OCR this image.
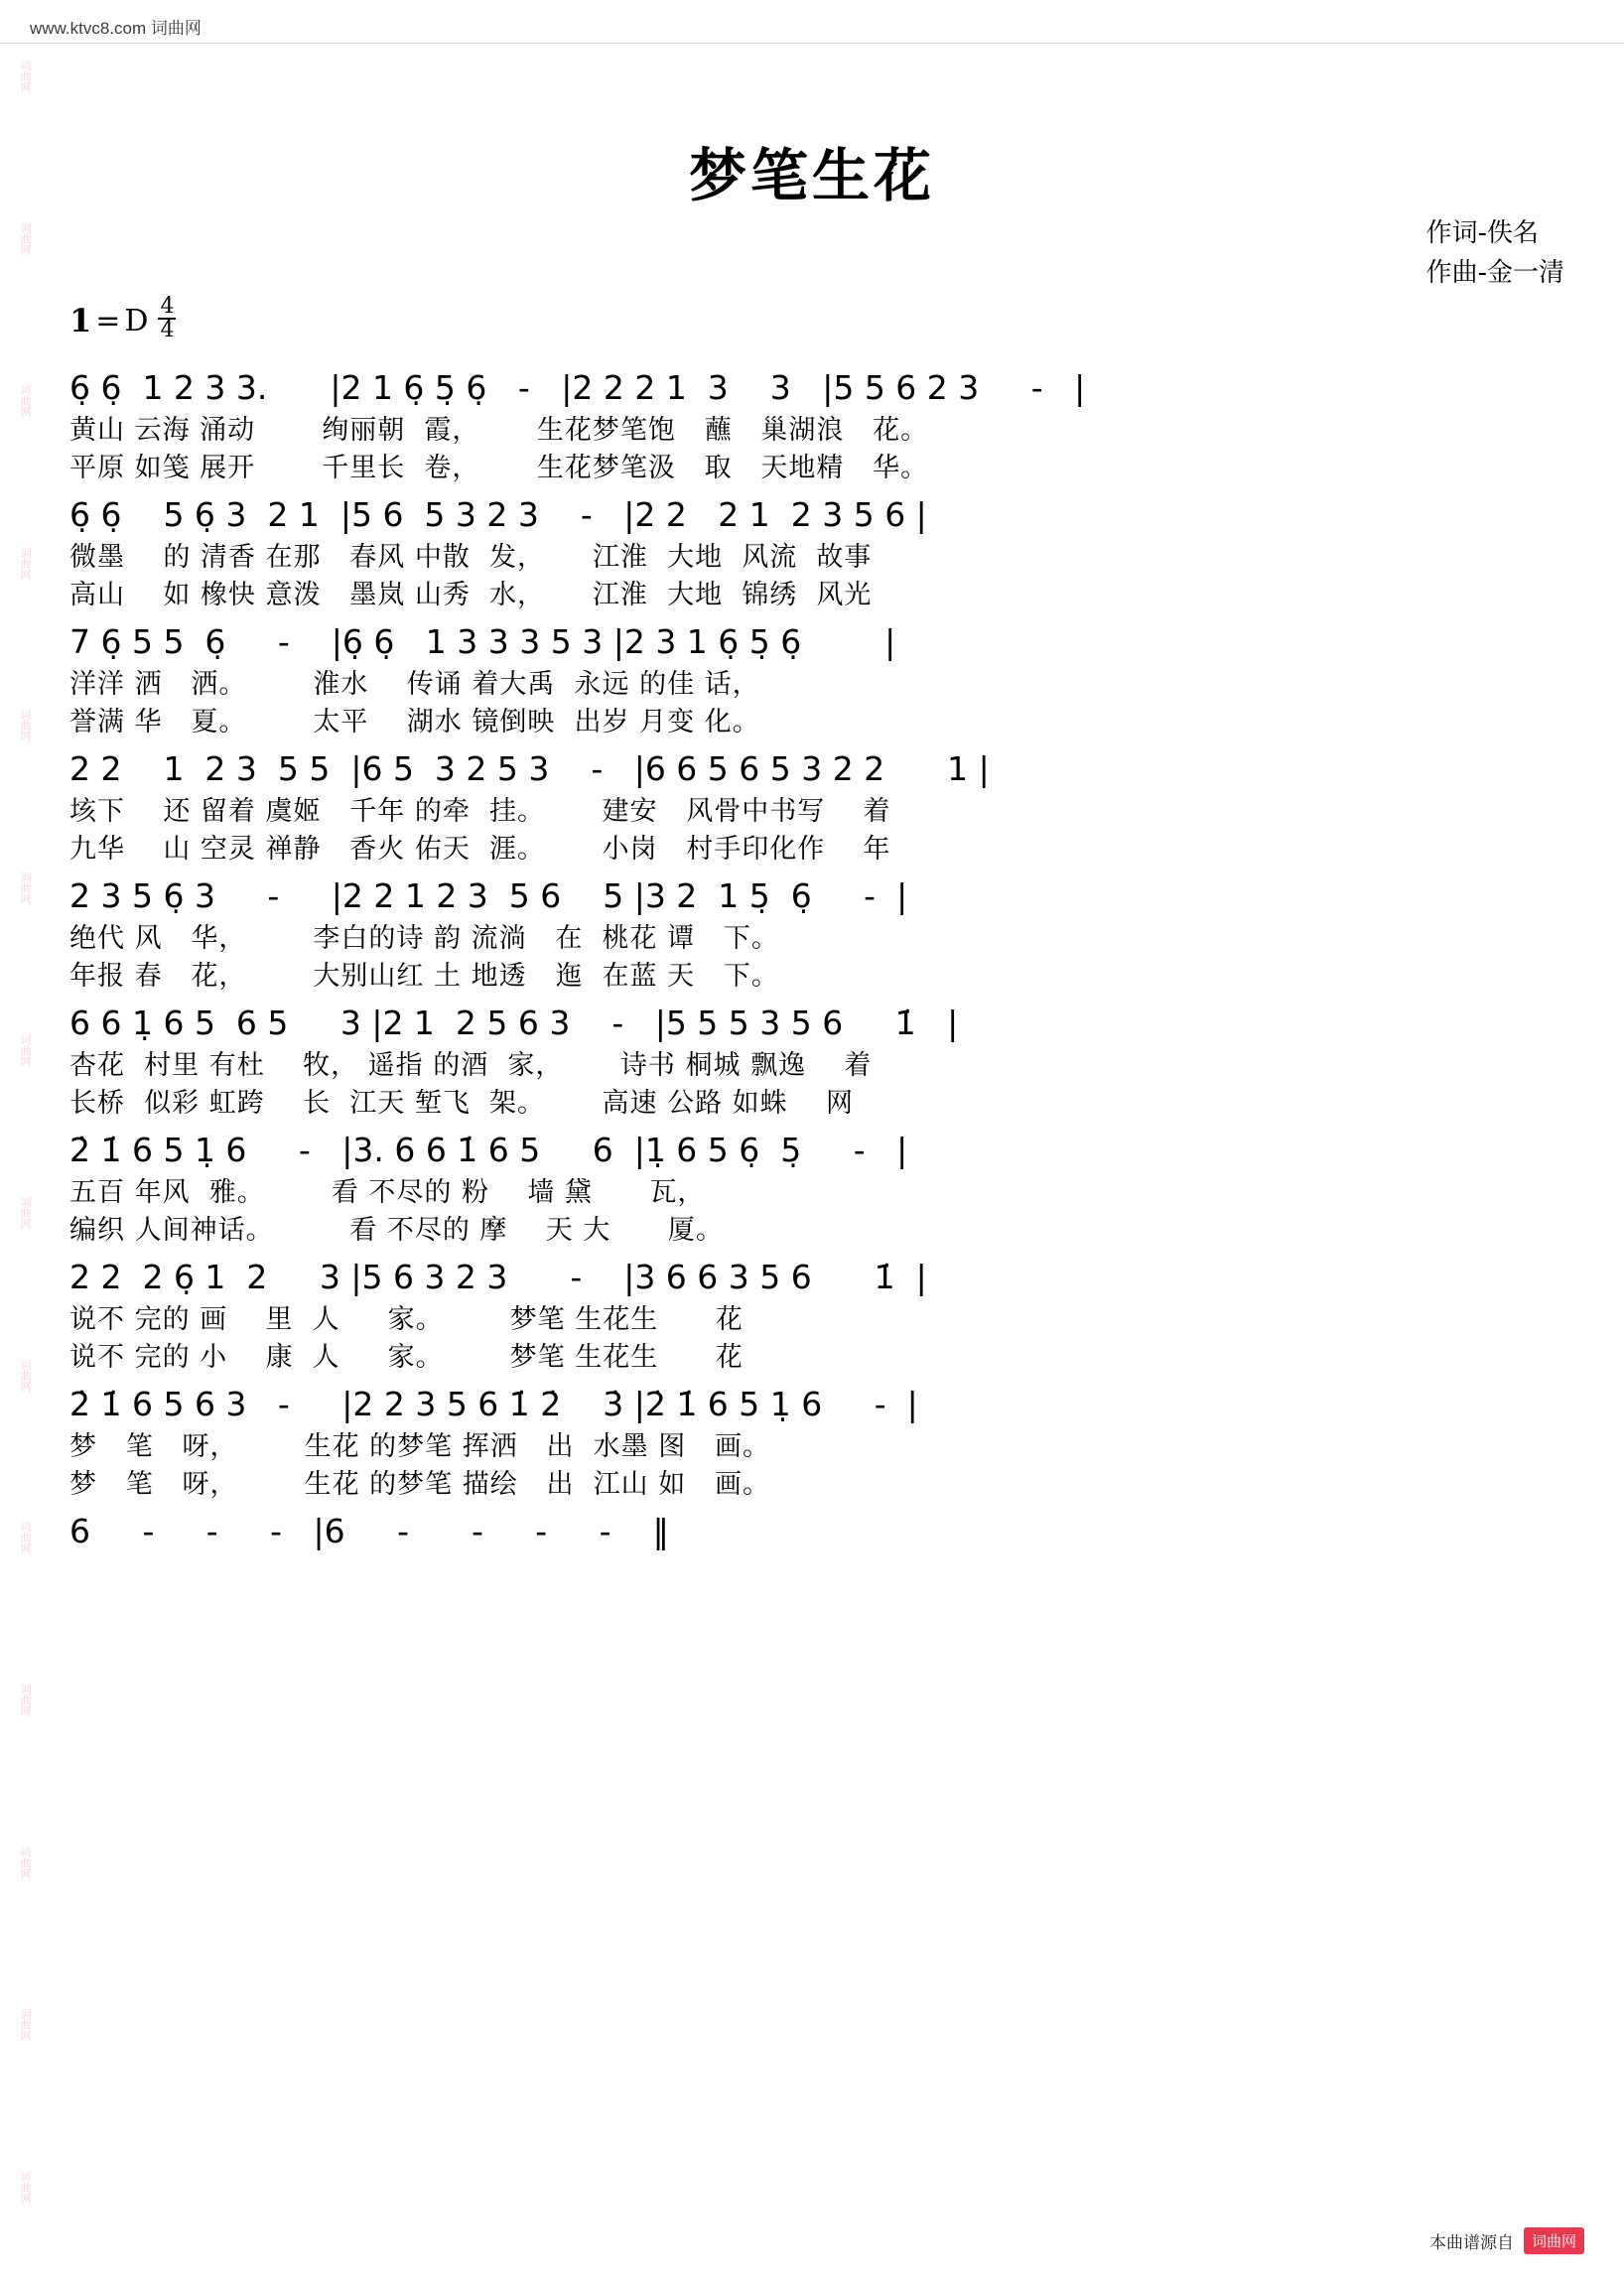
www.ktvc8.com 词曲网
词曲网
词曲网
词曲网
词曲网
词曲网
词曲网
词曲网
词曲网
词曲网
词曲网
词曲网
词曲网
词曲网
词曲网
梦笔生花
作词-佚名
作曲-金一清
1 = D $\frac{4}{4}$
6̣ 6̣  1 2 3 3.      |2 1 6̣ 5̣ 6̣   -   |2 2 2 1  3    3   |5 5 6 2 3     -   |
黄山 云海 涌动       绚丽朝  霞，      生花梦笔饱   蘸   巢湖浪   花。
平原 如笺 展开       千里长  卷，      生花梦笔汲   取   天地精   华。
6̣ 6̣    5 6̣ 3  2 1  |5 6  5 3 2 3    -   |2 2   2 1  2 3 5 6 |
微墨    的 清香 在那   春风 中散  发，     江淮  大地  风流  故事
高山    如 橡快 意泼   墨岚 山秀  水，     江淮  大地  锦绣  风光
7 6̣ 5 5  6̣     -    |6̣ 6̣   1 3 3 3 5 3 |2 3 1 6̣ 5̣ 6̣        |
洋洋 洒   洒。       淮水    传诵 着大禹  永远 的佳 话，
誉满 华   夏。       太平    湖水 镜倒映  出岁 月变 化。
2 2    1  2 3  5 5  |6 5  3 2 5 3    -   |6 6 5 6 5 3 2 2      1 |
垓下    还 留着 虞姬   千年 的牵  挂。      建安   风骨中书写    着
九华    山 空灵 禅静   香火 佑天  涯。      小岗   村手印化作    年
2 3 5 6̣ 3     -     |2 2 1 2 3  5 6    5 |3 2  1 5̣  6̣     -  |
绝代 风   华，       李白的诗 韵 流淌   在  桃花 谭   下。
年报 春   花，       大别山红 土 地透   迤  在蓝 天   下。
6 6 1̣ 6 5  6 5     3 |2 1  2 5 6 3    -   |5 5 5 3 5 6     1̇   |
杏花  村里 有杜    牧， 遥指 的酒  家，      诗书 桐城 飘逸    着
长桥  似彩 虹跨    长  江天 堑飞  架。      高速 公路 如蛛    网
2̇ 1̇ 6 5 1̣ 6     -   |3. 6 6 1̇ 6 5     6  |1̣ 6 5 6̣  5̣     -   |
五百 年风  雅。       看 不尽的 粉    墙 黛      瓦，
编织 人间神话。        看 不尽的 摩    天 大      厦。
2 2  2 6̣ 1  2     3 |5 6 3 2 3      -    |3 6 6 3 5 6      1̇  |
说不 完的 画    里  人     家。       梦笔 生花生      花
说不 完的 小    康  人     家。       梦笔 生花生      花
2̇ 1̇ 6 5 6 3   -     |2 2 3 5 6 1̇ 2̇    3̇ |2̇ 1̇ 6 5 1̣ 6     -  |
梦   笔   呀，       生花 的梦笔 挥洒   出  水墨 图   画。
梦   笔   呀，       生花 的梦笔 描绘   出  江山 如   画。
6     -     -     -   |6     -      -     -     -    ‖
本曲谱源自	词曲网
